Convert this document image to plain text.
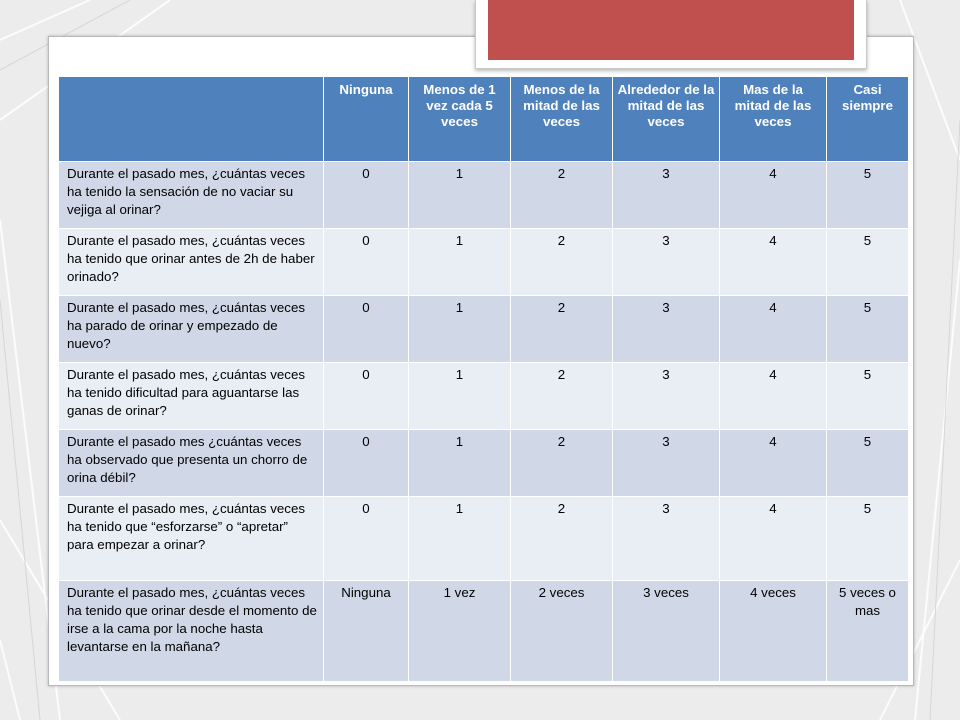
	Ninguna	Menos de 1 vez cada 5 veces	Menos de la mitad de las veces	Alrededor de la mitad de las veces	Mas de la mitad de las veces	Casi siempre
Durante el pasado mes, ¿cuántas veces ha tenido la sensación de no vaciar su vejiga al orinar?	0	1	2	3	4	5
Durante el pasado mes, ¿cuántas veces ha tenido que orinar antes de 2h de haber orinado?	0	1	2	3	4	5
Durante el pasado mes, ¿cuántas veces ha parado de orinar y empezado de nuevo?	0	1	2	3	4	5
Durante el pasado mes, ¿cuántas veces ha tenido dificultad para aguantarse las ganas de orinar?	0	1	2	3	4	5
Durante el pasado mes ¿cuántas veces ha observado que presenta un chorro de orina débil?	0	1	2	3	4	5
Durante el pasado mes, ¿cuántas veces ha tenido que “esforzarse” o “apretar” para empezar a orinar?	0	1	2	3	4	5
Durante el pasado mes, ¿cuántas veces ha tenido que orinar desde el momento de irse a la cama por la noche hasta levantarse en la mañana?	Ninguna	1 vez	2 veces	3 veces	4 veces	5 veces o mas
